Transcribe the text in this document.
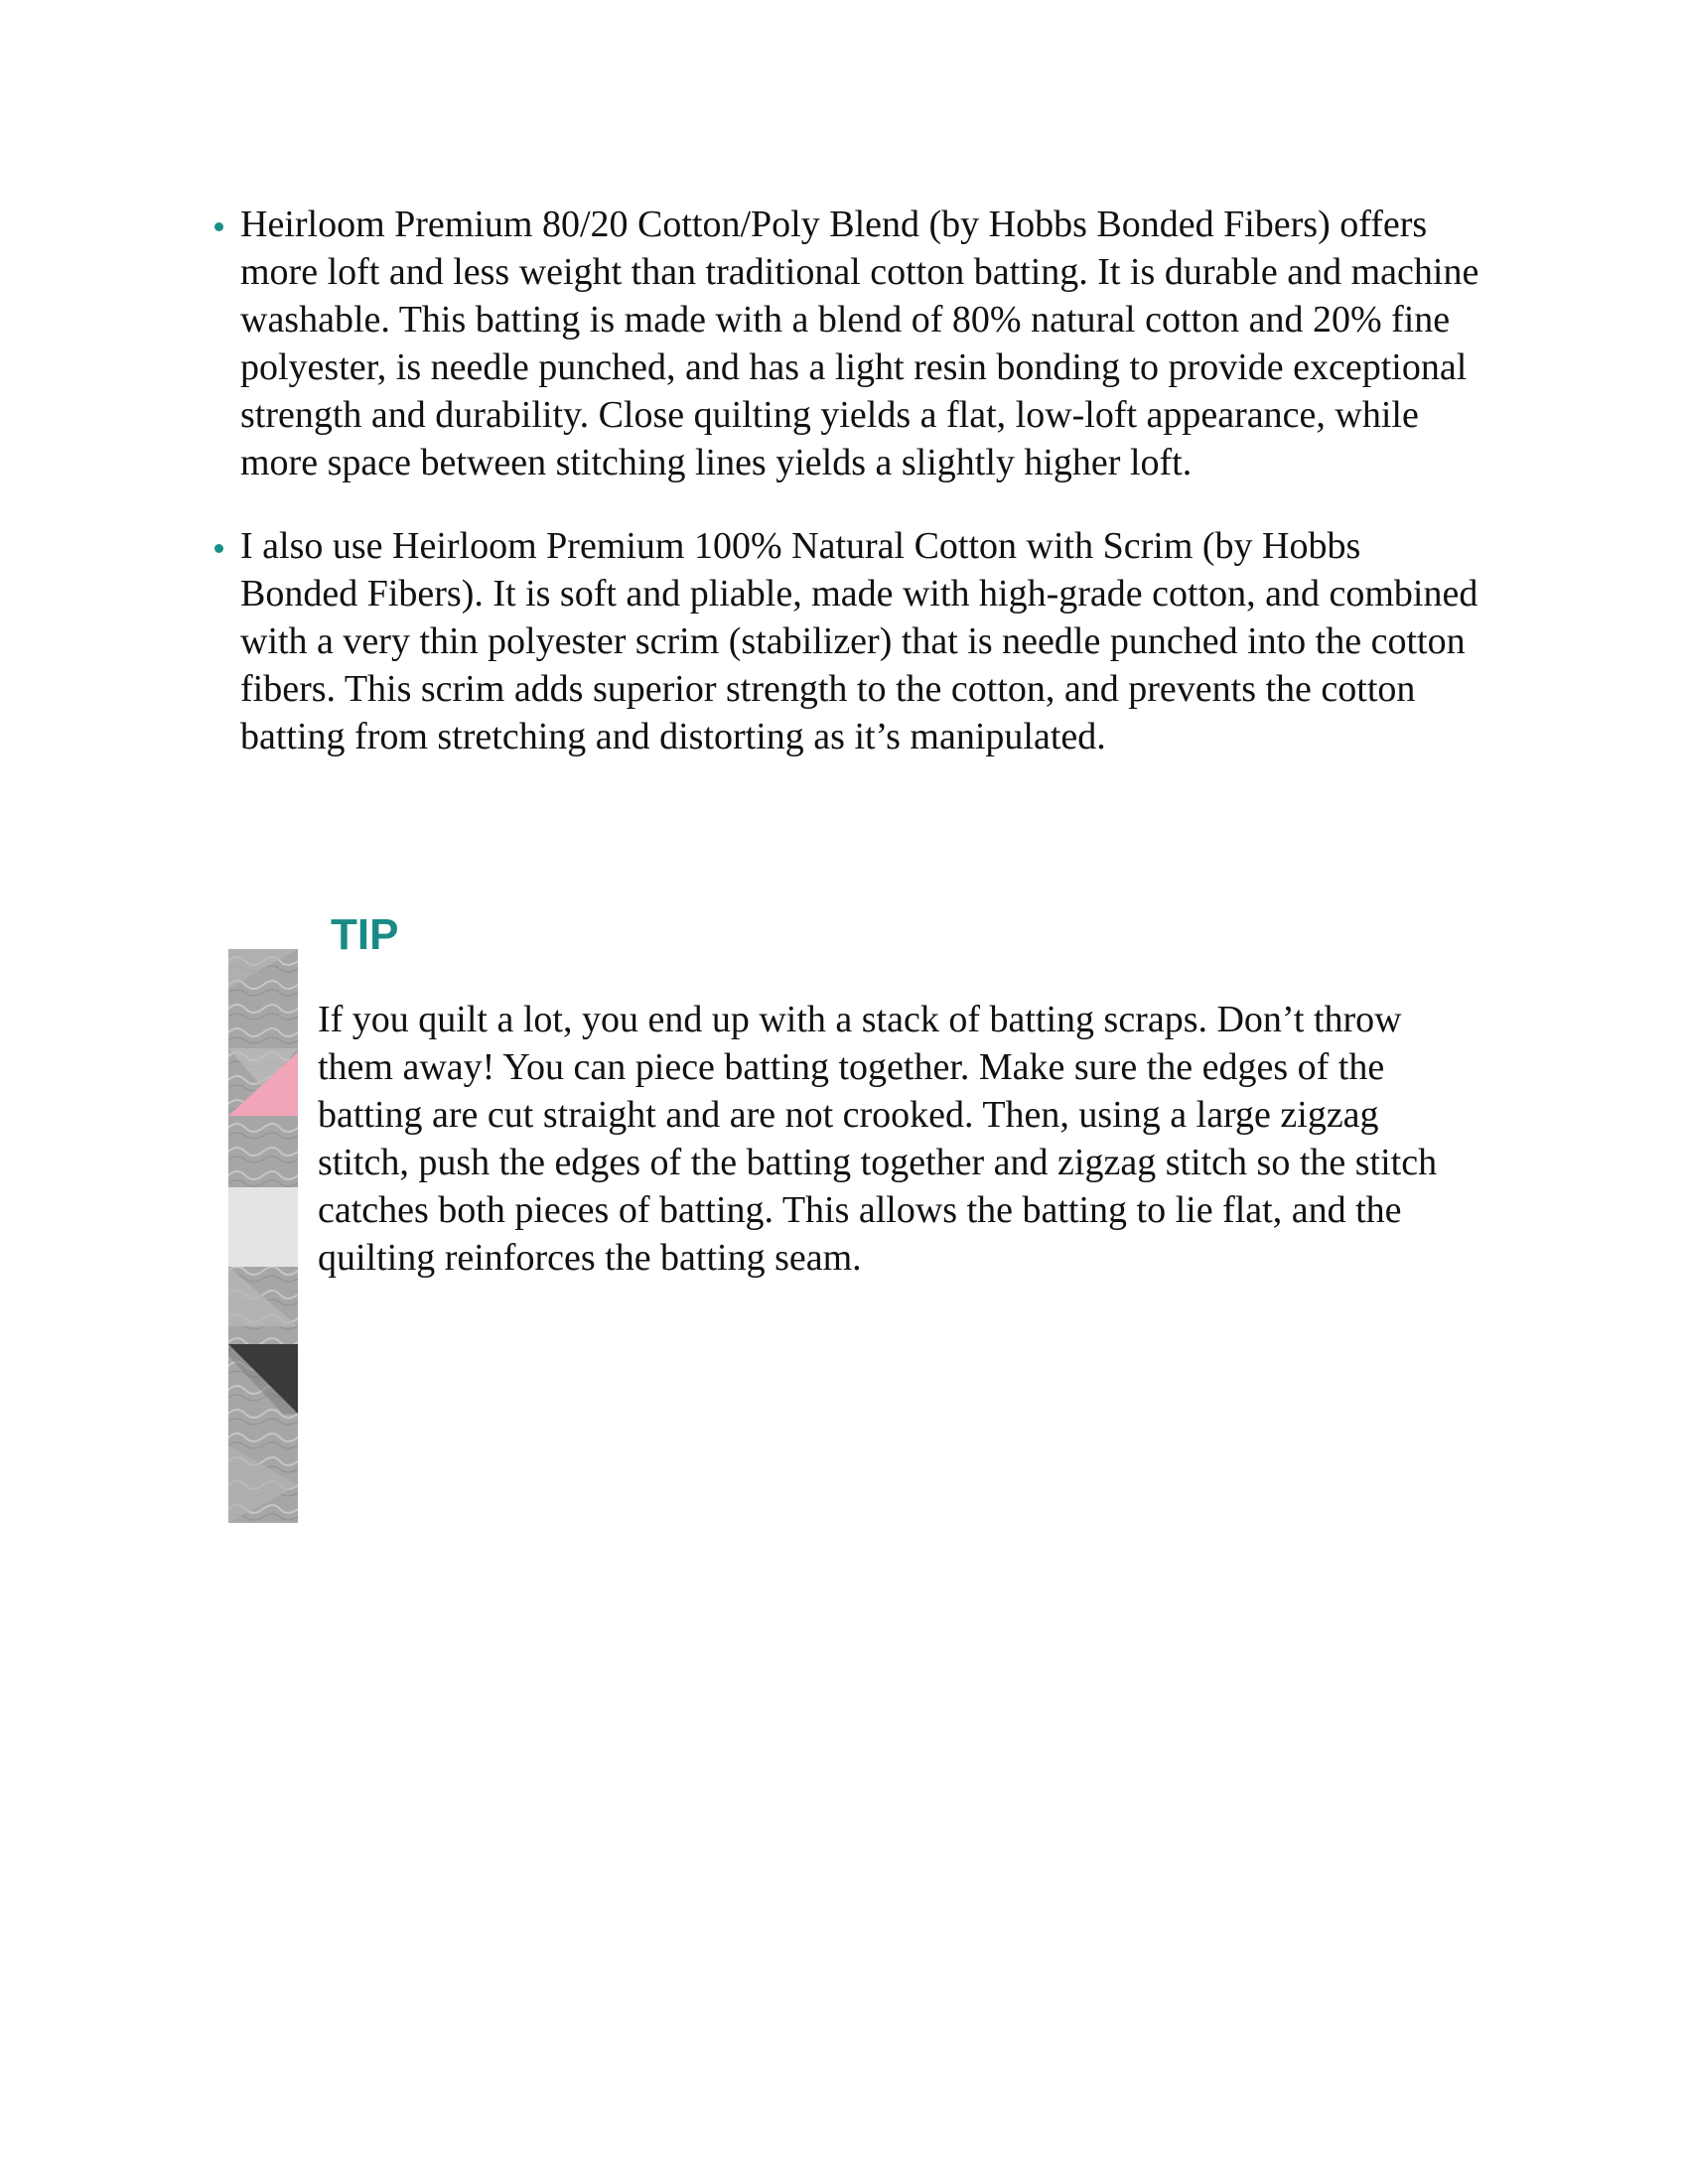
Heirloom Premium 80/20 Cotton/Poly Blend (by Hobbs Bonded Fibers) offers more loft and less weight than traditional cotton batting. It is durable and machine washable. This batting is made with a blend of 80% natural cotton and 20% fine polyester, is needle punched, and has a light resin bonding to provide exceptional strength and durability. Close quilting yields a flat, low-loft appearance, while more space between stitching lines yields a slightly higher loft.
I also use Heirloom Premium 100% Natural Cotton with Scrim (by Hobbs Bonded Fibers). It is soft and pliable, made with high-grade cotton, and combined with a very thin polyester scrim (stabilizer) that is needle punched into the cotton fibers. This scrim adds superior strength to the cotton, and prevents the cotton batting from stretching and distorting as it’s manipulated.
TIP

If you quilt a lot, you end up with a stack of batting scraps. Don’t throw them away! You can piece batting together. Make sure the edges of the batting are cut straight and are not crooked. Then, using a large zigzag stitch, push the edges of the batting together and zigzag stitch so the stitch catches both pieces of batting. This allows the batting to lie flat, and the quilting reinforces the batting seam.
